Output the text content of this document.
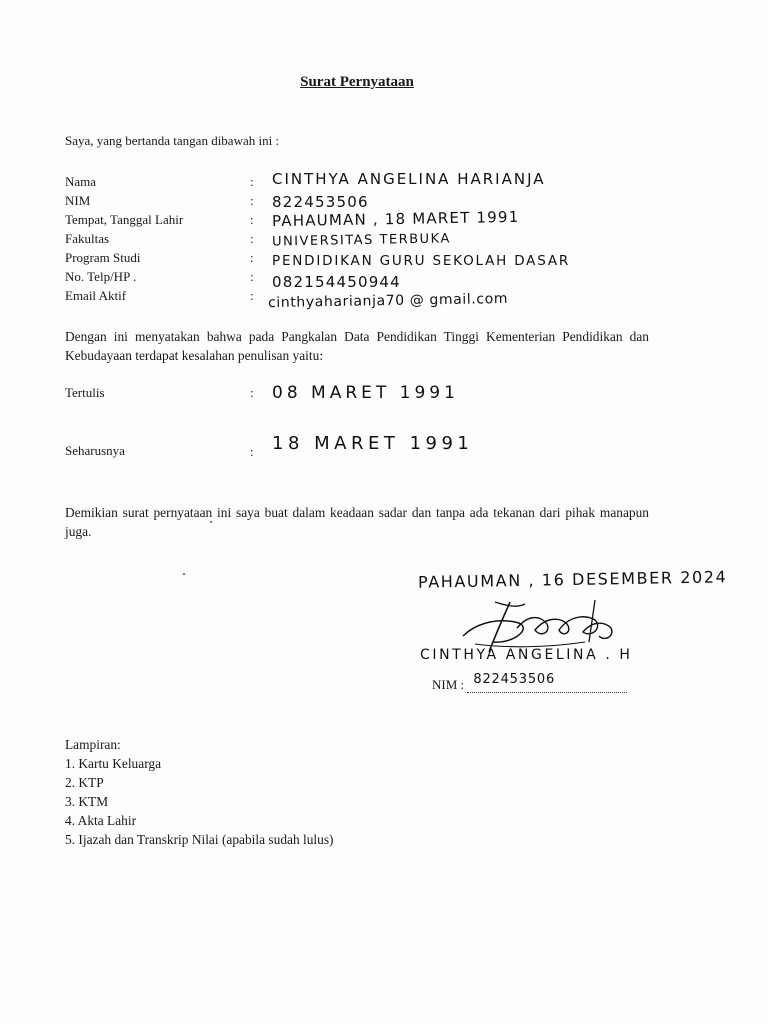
Surat Pernyataan
Saya, yang bertanda tangan dibawah ini :
Nama
NIM
Tempat, Tanggal Lahir
Fakultas
Program Studi
No. Telp/HP .
Email Aktif
:
:
:
:
:
:
:
CINTHYA ANGELINA HARIANJA
822453506
PAHAUMAN , 18 MARET 1991
UNIVERSITAS TERBUKA
PENDIDIKAN GURU SEKOLAH DASAR
082154450944
cinthyaharianja70 @ gmail.com
Dengan ini menyatakan bahwa pada Pangkalan Data Pendidikan Tinggi Kementerian Pendidikan dan Kebudayaan terdapat kesalahan penulisan yaitu:
Tertulis	: 08 MARET 1991
Seharusnya	: 18 MARET 1991
Demikian surat pernyataan ini saya buat dalam keadaan sadar dan tanpa ada tekanan dari pihak manapun juga.
PAHAUMAN , 16 DESEMBER 2024
CINTHYA ANGELINA . H
NIM : 822453506
Lampiran:
1. Kartu Keluarga
2. KTP
3. KTM
4. Akta Lahir
5. Ijazah dan Transkrip Nilai (apabila sudah lulus)
